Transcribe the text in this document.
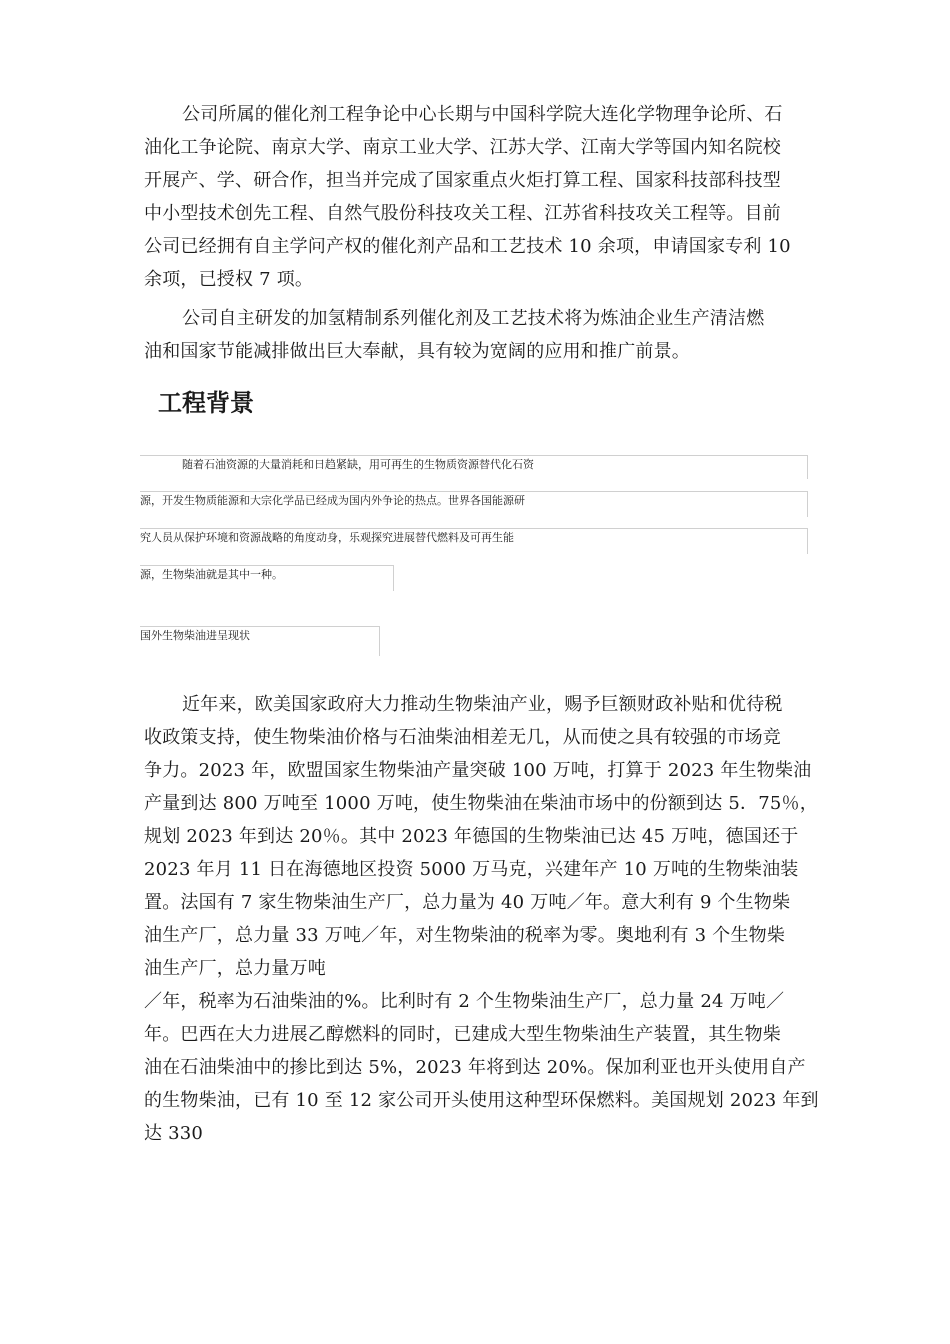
公司所属的催化剂工程争论中心长期与中国科学院大连化学物理争论所、石
油化工争论院、南京大学、南京工业大学、江苏大学、江南大学等国内知名院校
开展产、学、研合作，担当并完成了国家重点火炬打算工程、国家科技部科技型
中小型技术创先工程、自然气股份科技攻关工程、江苏省科技攻关工程等。目前
公司已经拥有自主学问产权的催化剂产品和工艺技术 10 余项，申请国家专利 10
余项，已授权 7 项。
公司自主研发的加氢精制系列催化剂及工艺技术将为炼油企业生产清洁燃
油和国家节能减排做出巨大奉献，具有较为宽阔的应用和推广前景。
工程背景
随着石油资源的大量消耗和日趋紧缺，用可再生的生物质资源替代化石资
源，开发生物质能源和大宗化学品已经成为国内外争论的热点。世界各国能源研
究人员从保护环境和资源战略的角度动身，乐观探究进展替代燃料及可再生能
源，生物柴油就是其中一种。
国外生物柴油进呈现状
近年来，欧美国家政府大力推动生物柴油产业，赐予巨额财政补贴和优待税
收政策支持，使生物柴油价格与石油柴油相差无几，从而使之具有较强的市场竞
争力。2023 年，欧盟国家生物柴油产量突破 100 万吨，打算于 2023 年生物柴油
产量到达 800 万吨至 1000 万吨，使生物柴油在柴油市场中的份额到达 5．75％，
规划 2023 年到达 20％。其中 2023 年德国的生物柴油已达 45 万吨，德国还于
2023 年月 11 日在海德地区投资 5000 万马克，兴建年产 10 万吨的生物柴油装
置。法国有 7 家生物柴油生产厂，总力量为 40 万吨／年。意大利有 9 个生物柴
油生产厂，总力量 33 万吨／年，对生物柴油的税率为零。奥地利有 3 个生物柴
油生产厂，总力量万吨
／年，税率为石油柴油的%。比利时有 2 个生物柴油生产厂，总力量 24 万吨／
年。巴西在大力进展乙醇燃料的同时，已建成大型生物柴油生产装置，其生物柴
油在石油柴油中的掺比到达 5%，2023 年将到达 20%。保加利亚也开头使用自产
的生物柴油，已有 10 至 12 家公司开头使用这种型环保燃料。美国规划 2023 年到
达 330
